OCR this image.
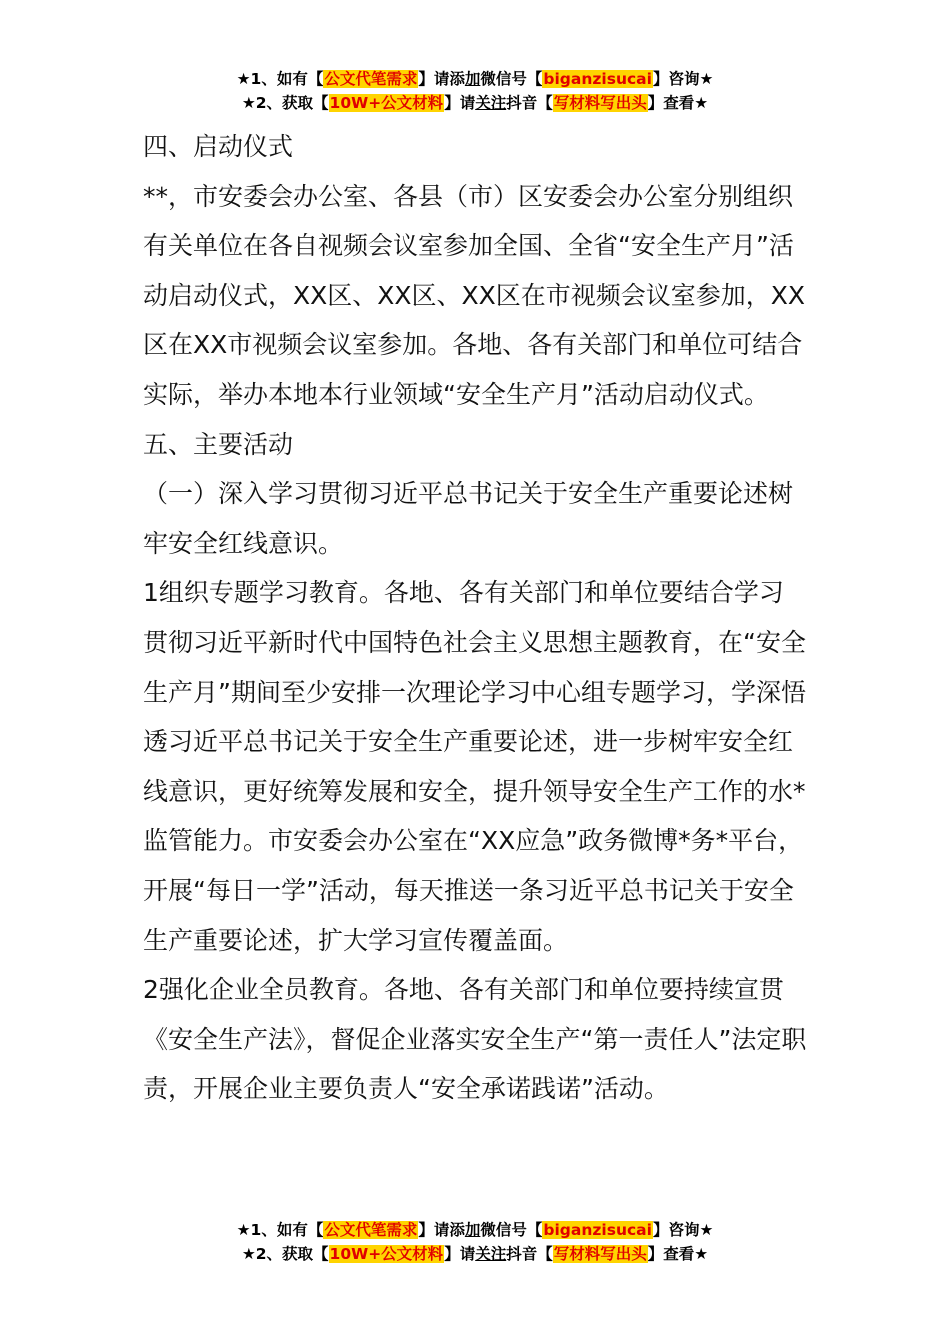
★1、如有【公文代笔需求】请添加微信号【biganzisucai】咨询★
★2、获取【10W+公文材料】请关注抖音【写材料写出头】查看★

四、启动仪式

**，市安委会办公室、各县（市）区安委会办公室分别组织有关单位在各自视频会议室参加全国、全省“安全生产月”活动启动仪式，XX区、XX区、XX区在市视频会议室参加，XX区在XX市视频会议室参加。各地、各有关部门和单位可结合实际，举办本地本行业领域“安全生产月”活动启动仪式。

五、主要活动

（一）深入学习贯彻习近平总书记关于安全生产重要论述树牢安全红线意识。

1组织专题学习教育。各地、各有关部门和单位要结合学习贯彻习近平新时代中国特色社会主义思想主题教育，在“安全生产月”期间至少安排一次理论学习中心组专题学习，学深悟透习近平总书记关于安全生产重要论述，进一步树牢安全红线意识，更好统筹发展和安全，提升领导安全生产工作的水*监管能力。市安委会办公室在“XX应急”政务微博*务*平台，开展“每日一学”活动，每天推送一条习近平总书记关于安全生产重要论述，扩大学习宣传覆盖面。

2强化企业全员教育。各地、各有关部门和单位要持续宣贯《安全生产法》，督促企业落实安全生产“第一责任人”法定职责，开展企业主要负责人“安全承诺践诺”活动。

★1、如有【公文代笔需求】请添加微信号【biganzisucai】咨询★
★2、获取【10W+公文材料】请关注抖音【写材料写出头】查看★
